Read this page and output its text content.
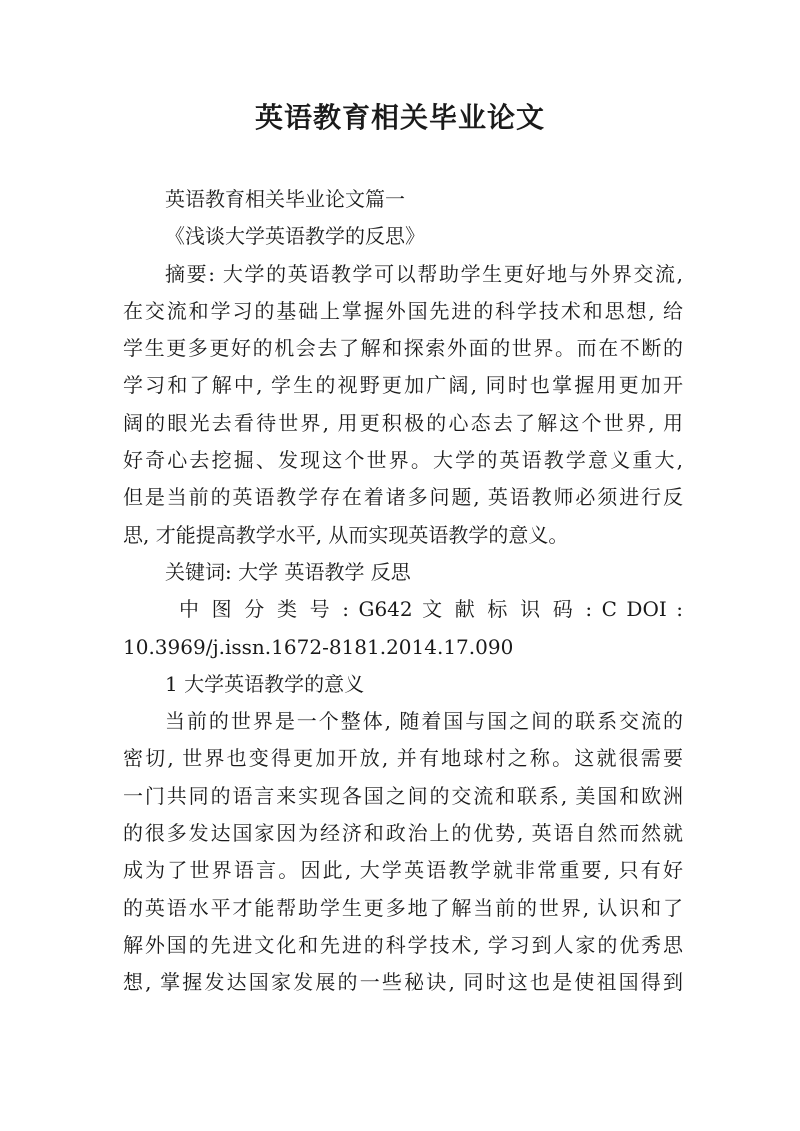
英语教育相关毕业论文
英语教育相关毕业论文篇一
《浅谈大学英语教学的反思》
摘要: 大学的英语教学可以帮助学生更好地与外界交流,
在交流和学习的基础上掌握外国先进的科学技术和思想, 给
学生更多更好的机会去了解和探索外面的世界。而在不断的
学习和了解中, 学生的视野更加广阔, 同时也掌握用更加开
阔的眼光去看待世界, 用更积极的心态去了解这个世界, 用
好奇心去挖掘、发现这个世界。大学的英语教学意义重大,
但是当前的英语教学存在着诸多问题, 英语教师必须进行反
思, 才能提高教学水平, 从而实现英语教学的意义。
关键词: 大学 英语教学 反思
中 图 分 类 号 : G642 文 献 标 识 码 : C DOI :
10.3969/j.issn.1672-8181.2014.17.090
1 大学英语教学的意义
当前的世界是一个整体, 随着国与国之间的联系交流的
密切, 世界也变得更加开放, 并有地球村之称。这就很需要
一门共同的语言来实现各国之间的交流和联系, 美国和欧洲
的很多发达国家因为经济和政治上的优势, 英语自然而然就
成为了世界语言。因此, 大学英语教学就非常重要, 只有好
的英语水平才能帮助学生更多地了解当前的世界, 认识和了
解外国的先进文化和先进的科学技术, 学习到人家的优秀思
想, 掌握发达国家发展的一些秘诀, 同时这也是使祖国得到
